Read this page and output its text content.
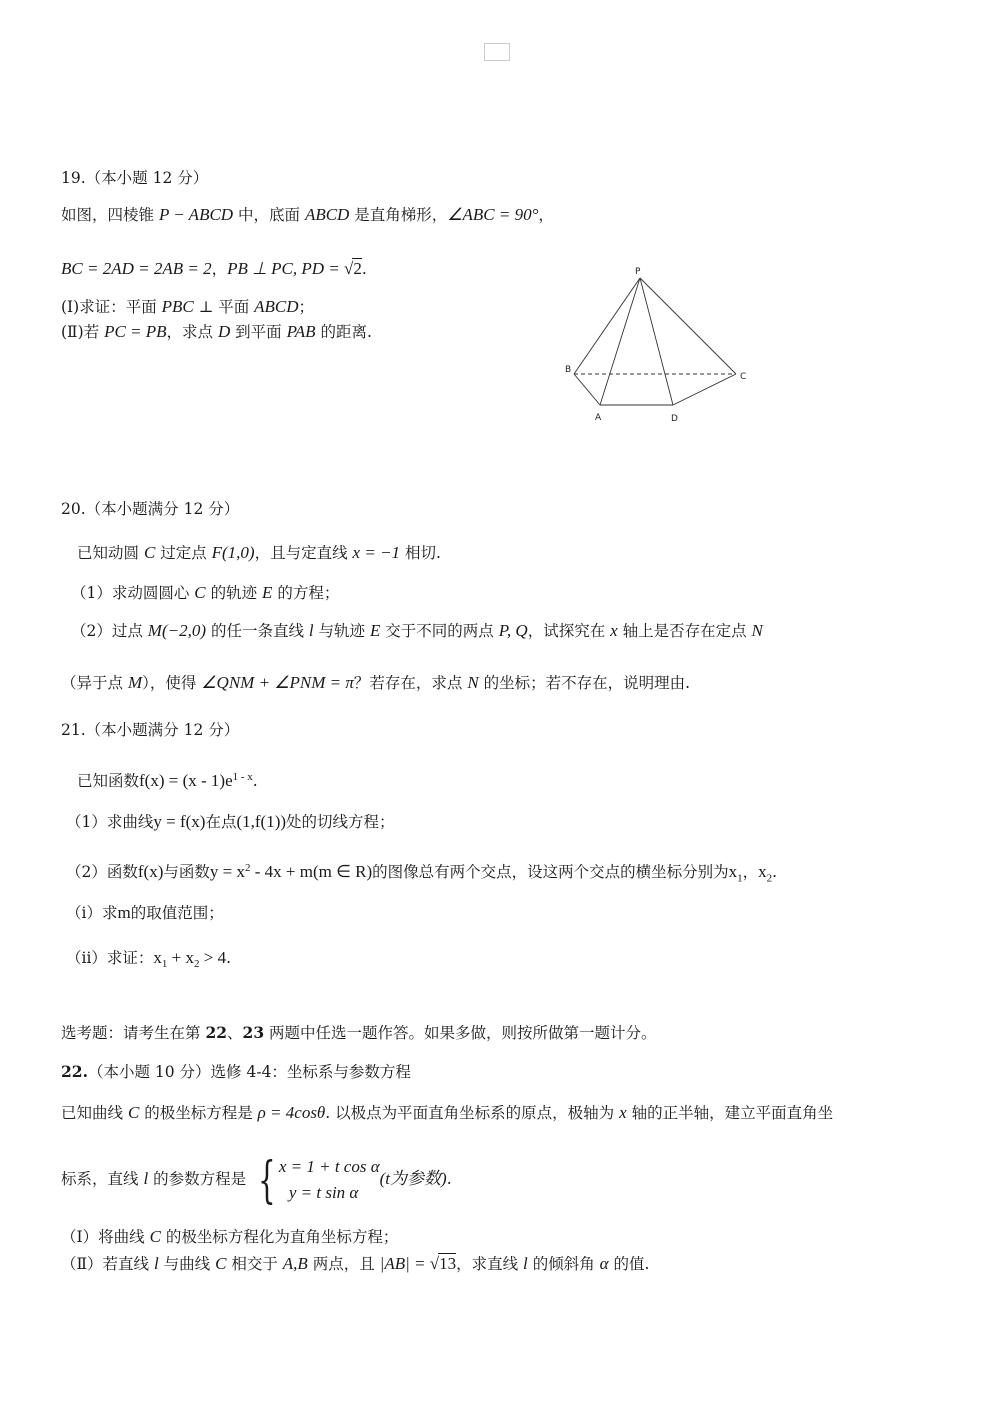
19.（本小题 12 分）
如图，四棱锥 P − ABCD 中，底面 ABCD 是直角梯形，∠ABC = 90°，
BC = 2AD = 2AB = 2，PB ⊥ PC, PD = √2.
(Ⅰ)求证：平面 PBC ⊥ 平面 ABCD；
(Ⅱ)若 PC = PB，求点 D 到平面 PAB 的距离.
P
B
C
A	D
20.（本小题满分 12 分）
已知动圆 C 过定点 F(1,0)，且与定直线 x = −1 相切.
（1）求动圆圆心 C 的轨迹 E 的方程；
（2）过点 M(−2,0) 的任一条直线 l 与轨迹 E 交于不同的两点 P, Q，试探究在 x 轴上是否存在定点 N
（异于点 M），使得 ∠QNM + ∠PNM = π？若存在，求点 N 的坐标；若不存在，说明理由.
21.（本小题满分 12 分）
已知函数$f(x) = (x - 1)e^{1 - x}$.
（1）求曲线y = f(x)在点(1,f(1))处的切线方程；
（2）函数f(x)与函数$y = x^2 - 4x + m(m$ ∈ R)的图像总有两个交点，设这两个交点的横坐标分别为$x_1$，$x_2$.
（ⅰ）求m的取值范围；
（ⅱ）求证：$x_1 + x_2 > 4$.
选考题：请考生在第 22、23 两题中任选一题作答。如果多做，则按所做第一题计分。
22.（本小题 10 分）选修 4-4：坐标系与参数方程
已知曲线 C 的极坐标方程是 ρ = 4cosθ. 以极点为平面直角坐标系的原点，极轴为 x 轴的正半轴，建立平面直角坐
标系，直线 l 的参数方程是 { x = 1 + t cos α
y = t sin α
(t为参数).
（Ⅰ）将曲线 C 的极坐标方程化为直角坐标方程；
（Ⅱ）若直线 l 与曲线 C 相交于 A,B 两点，且 |AB| = √13，求直线 l 的倾斜角 α 的值.
